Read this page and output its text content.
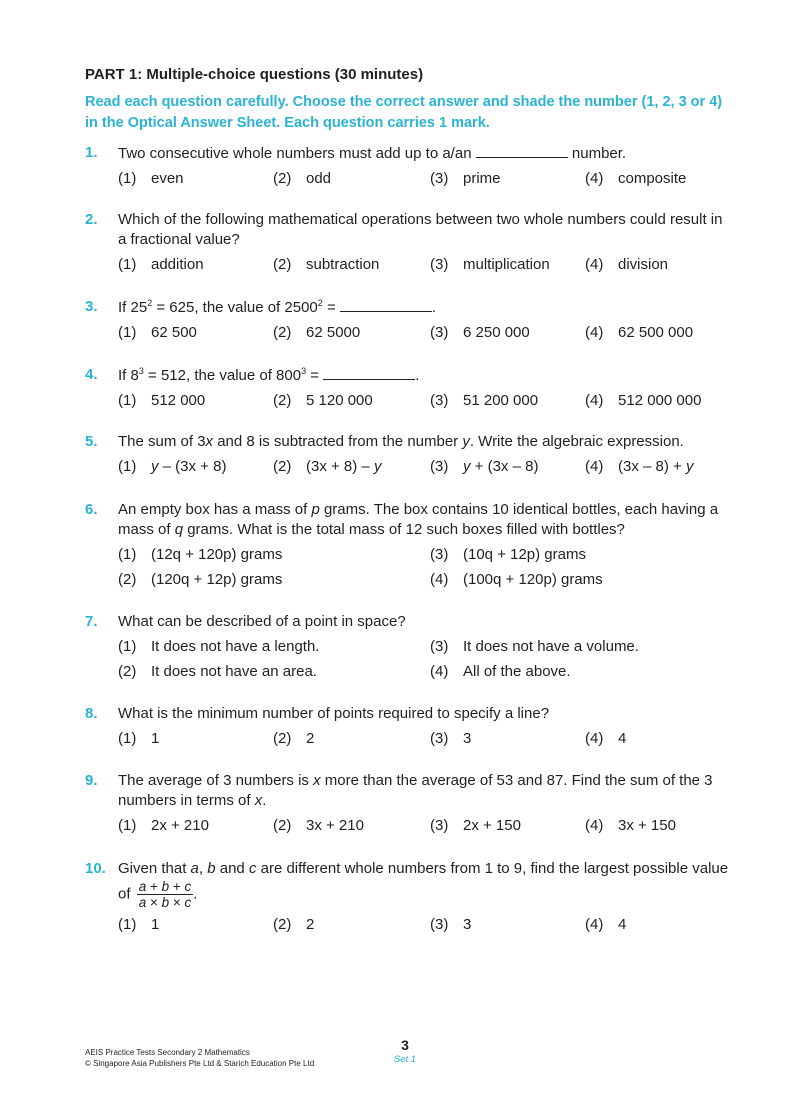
PART 1: Multiple-choice questions (30 minutes)
Read each question carefully. Choose the correct answer and shade the number (1, 2, 3 or 4) in the Optical Answer Sheet. Each question carries 1 mark.
1. Two consecutive whole numbers must add up to a/an	number.
(1) even	(2) odd	(3) prime	(4) composite
2. Which of the following mathematical operations between two whole numbers could result in a fractional value?
(1) addition	(2) subtraction	(3) multiplication (4) division
3. If $25^2 = 625$, the value of $2500^2$ =	.
(1) 62 500	(2) 62 5000	(3) 6 250 000	(4) 62 500 000
4. If $8^3 = 512$, the value of $800^3$ =	.
(1) 512 000	(2) 5 120 000	(3) 51 200 000	(4) 512 000 000
5. The sum of 3x and 8 is subtracted from the number y. Write the algebraic expression.
(1) y – (3x + 8)	(2) (3x + 8) – y	(3) y + (3x – 8)	(4) (3x – 8) + y
6. An empty box has a mass of p grams. The box contains 10 identical bottles, each having a mass of q grams. What is the total mass of 12 such boxes filled with bottles?
(1) (12q + 120p) grams	(3) (10q + 12p) grams
(2) (120q + 12p) grams	(4) (100q + 120p) grams
7. What can be described of a point in space?
(1) It does not have a length.	(3) It does not have a volume.
(2) It does not have an area.	(4) All of the above.
8. What is the minimum number of points required to specify a line?
(1) 1	(2) 2	(3) 3	(4) 4
9. The average of 3 numbers is x more than the average of 53 and 87. Find the sum of the 3 numbers in terms of x.
(1) 2x + 210	(2) 3x + 210	(3) 2x + 150	(4) 3x + 150
10. Given that a, b and c are different whole numbers from 1 to 9, find the largest possible value of $\frac{a + b + c}{a \times b \times c}$ .
(1) 1	(2) 2	(3) 3	(4) 4
AEIS Practice Tests Secondary 2 Mathematics
© Singapore Asia Publishers Pte Ltd & Starich Education Pte Ltd
3
Set 1
